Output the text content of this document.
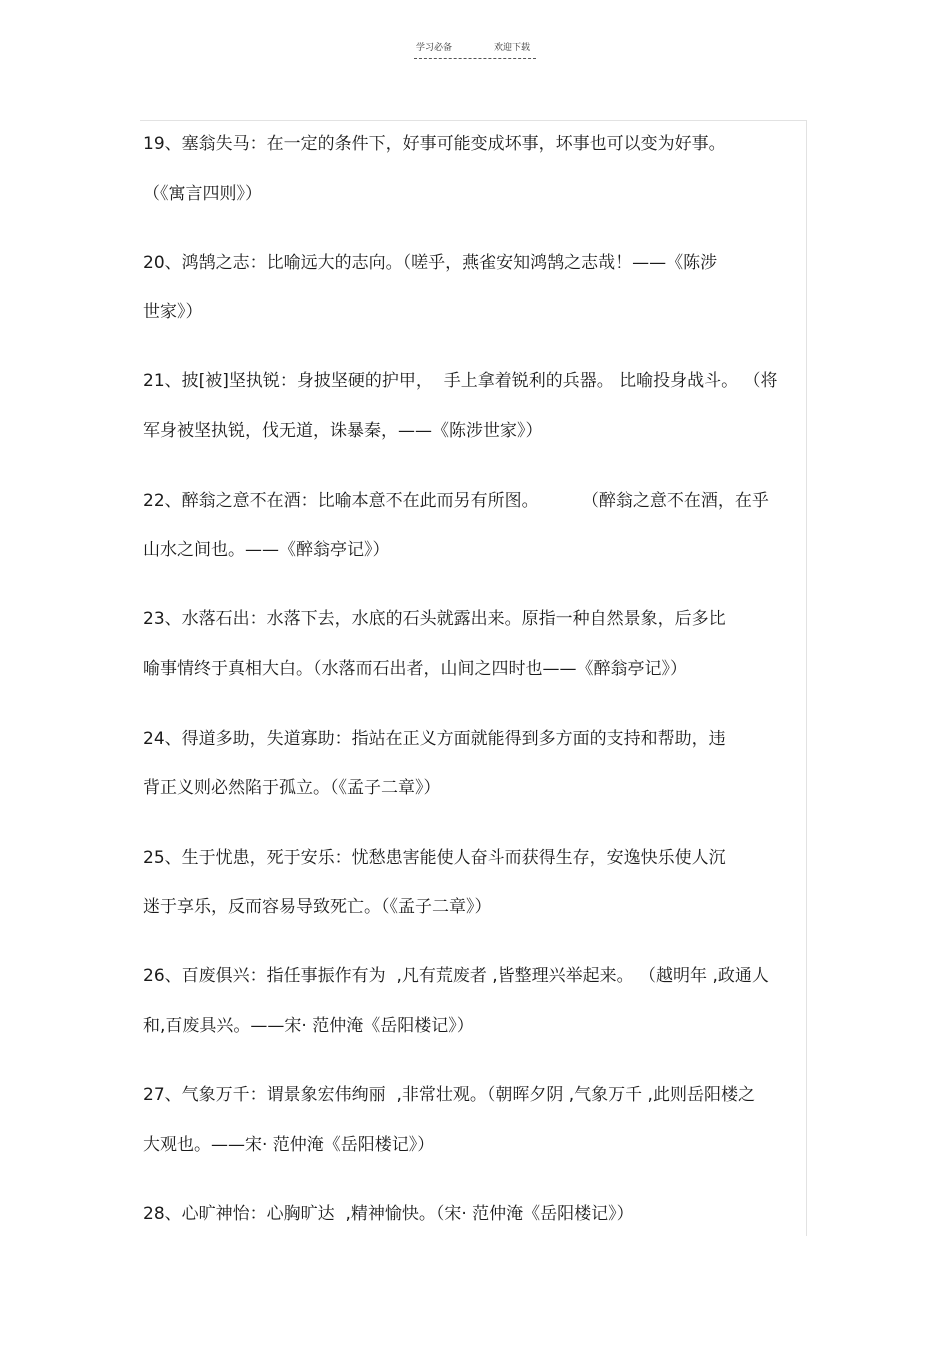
学习必备	欢迎下载
19、塞翁失马：在一定的条件下，好事可能变成坏事，坏事也可以变为好事。
（《寓言四则》）
20、鸿鹄之志：比喻远大的志向。（嗟乎，燕雀安知鸿鹄之志哉！——《陈涉
世家》）
21、披[被]坚执锐：身披坚硬的护甲，  手上拿着锐利的兵器。 比喻投身战斗。 （将
军身被坚执锐，伐无道，诛暴秦，——《陈涉世家》）
22、醉翁之意不在酒：比喻本意不在此而另有所图。        （醉翁之意不在酒，在乎
山水之间也。——《醉翁亭记》）
23、水落石出：水落下去，水底的石头就露出来。原指一种自然景象，后多比
喻事情终于真相大白。（水落而石出者，山间之四时也——《醉翁亭记》）
24、得道多助，失道寡助：指站在正义方面就能得到多方面的支持和帮助，违
背正义则必然陷于孤立。（《孟子二章》）
25、生于忧患，死于安乐：忧愁患害能使人奋斗而获得生存，安逸快乐使人沉
迷于享乐，反而容易导致死亡。（《孟子二章》）
26、百废俱兴：指任事振作有为  ,凡有荒废者 ,皆整理兴举起来。 （越明年 ,政通人
和,百废具兴。——宋· 范仲淹《岳阳楼记》）
27、气象万千：谓景象宏伟绚丽  ,非常壮观。（朝晖夕阴 ,气象万千 ,此则岳阳楼之
大观也。——宋· 范仲淹《岳阳楼记》）
28、心旷神怡：心胸旷达  ,精神愉快。（宋· 范仲淹《岳阳楼记》）
